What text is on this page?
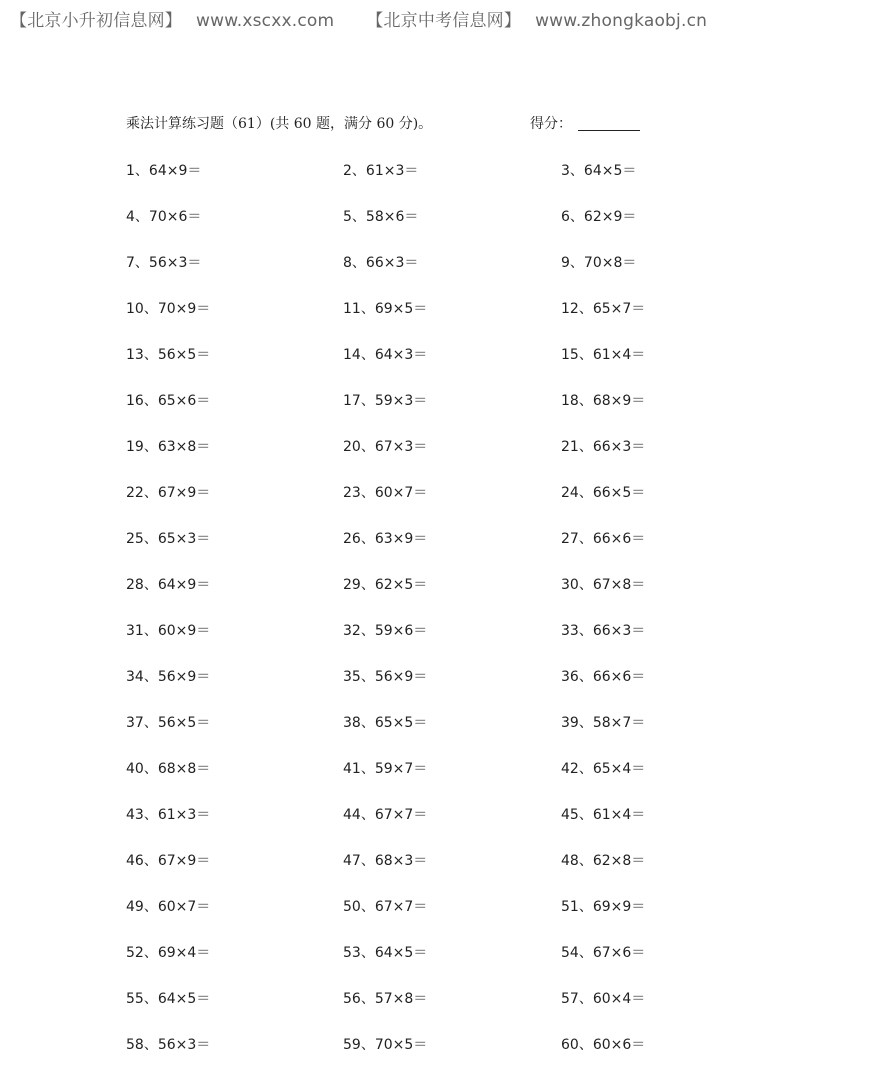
【北京小升初信息网】 www.xscxx.com 【北京中考信息网】 www.zhongkaobj.cn
乘法计算练习题（61）(共 60 题，满分 60 分)。	得分：
1、64×9＝	2、61×3＝	3、64×5＝
4、70×6＝	5、58×6＝	6、62×9＝
7、56×3＝	8、66×3＝	9、70×8＝
10、70×9＝	11、69×5＝	12、65×7＝
13、56×5＝	14、64×3＝	15、61×4＝
16、65×6＝	17、59×3＝	18、68×9＝
19、63×8＝	20、67×3＝	21、66×3＝
22、67×9＝	23、60×7＝	24、66×5＝
25、65×3＝	26、63×9＝	27、66×6＝
28、64×9＝	29、62×5＝	30、67×8＝
31、60×9＝	32、59×6＝	33、66×3＝
34、56×9＝	35、56×9＝	36、66×6＝
37、56×5＝	38、65×5＝	39、58×7＝
40、68×8＝	41、59×7＝	42、65×4＝
43、61×3＝	44、67×7＝	45、61×4＝
46、67×9＝	47、68×3＝	48、62×8＝
49、60×7＝	50、67×7＝	51、69×9＝
52、69×4＝	53、64×5＝	54、67×6＝
55、64×5＝	56、57×8＝	57、60×4＝
58、56×3＝	59、70×5＝	60、60×6＝
